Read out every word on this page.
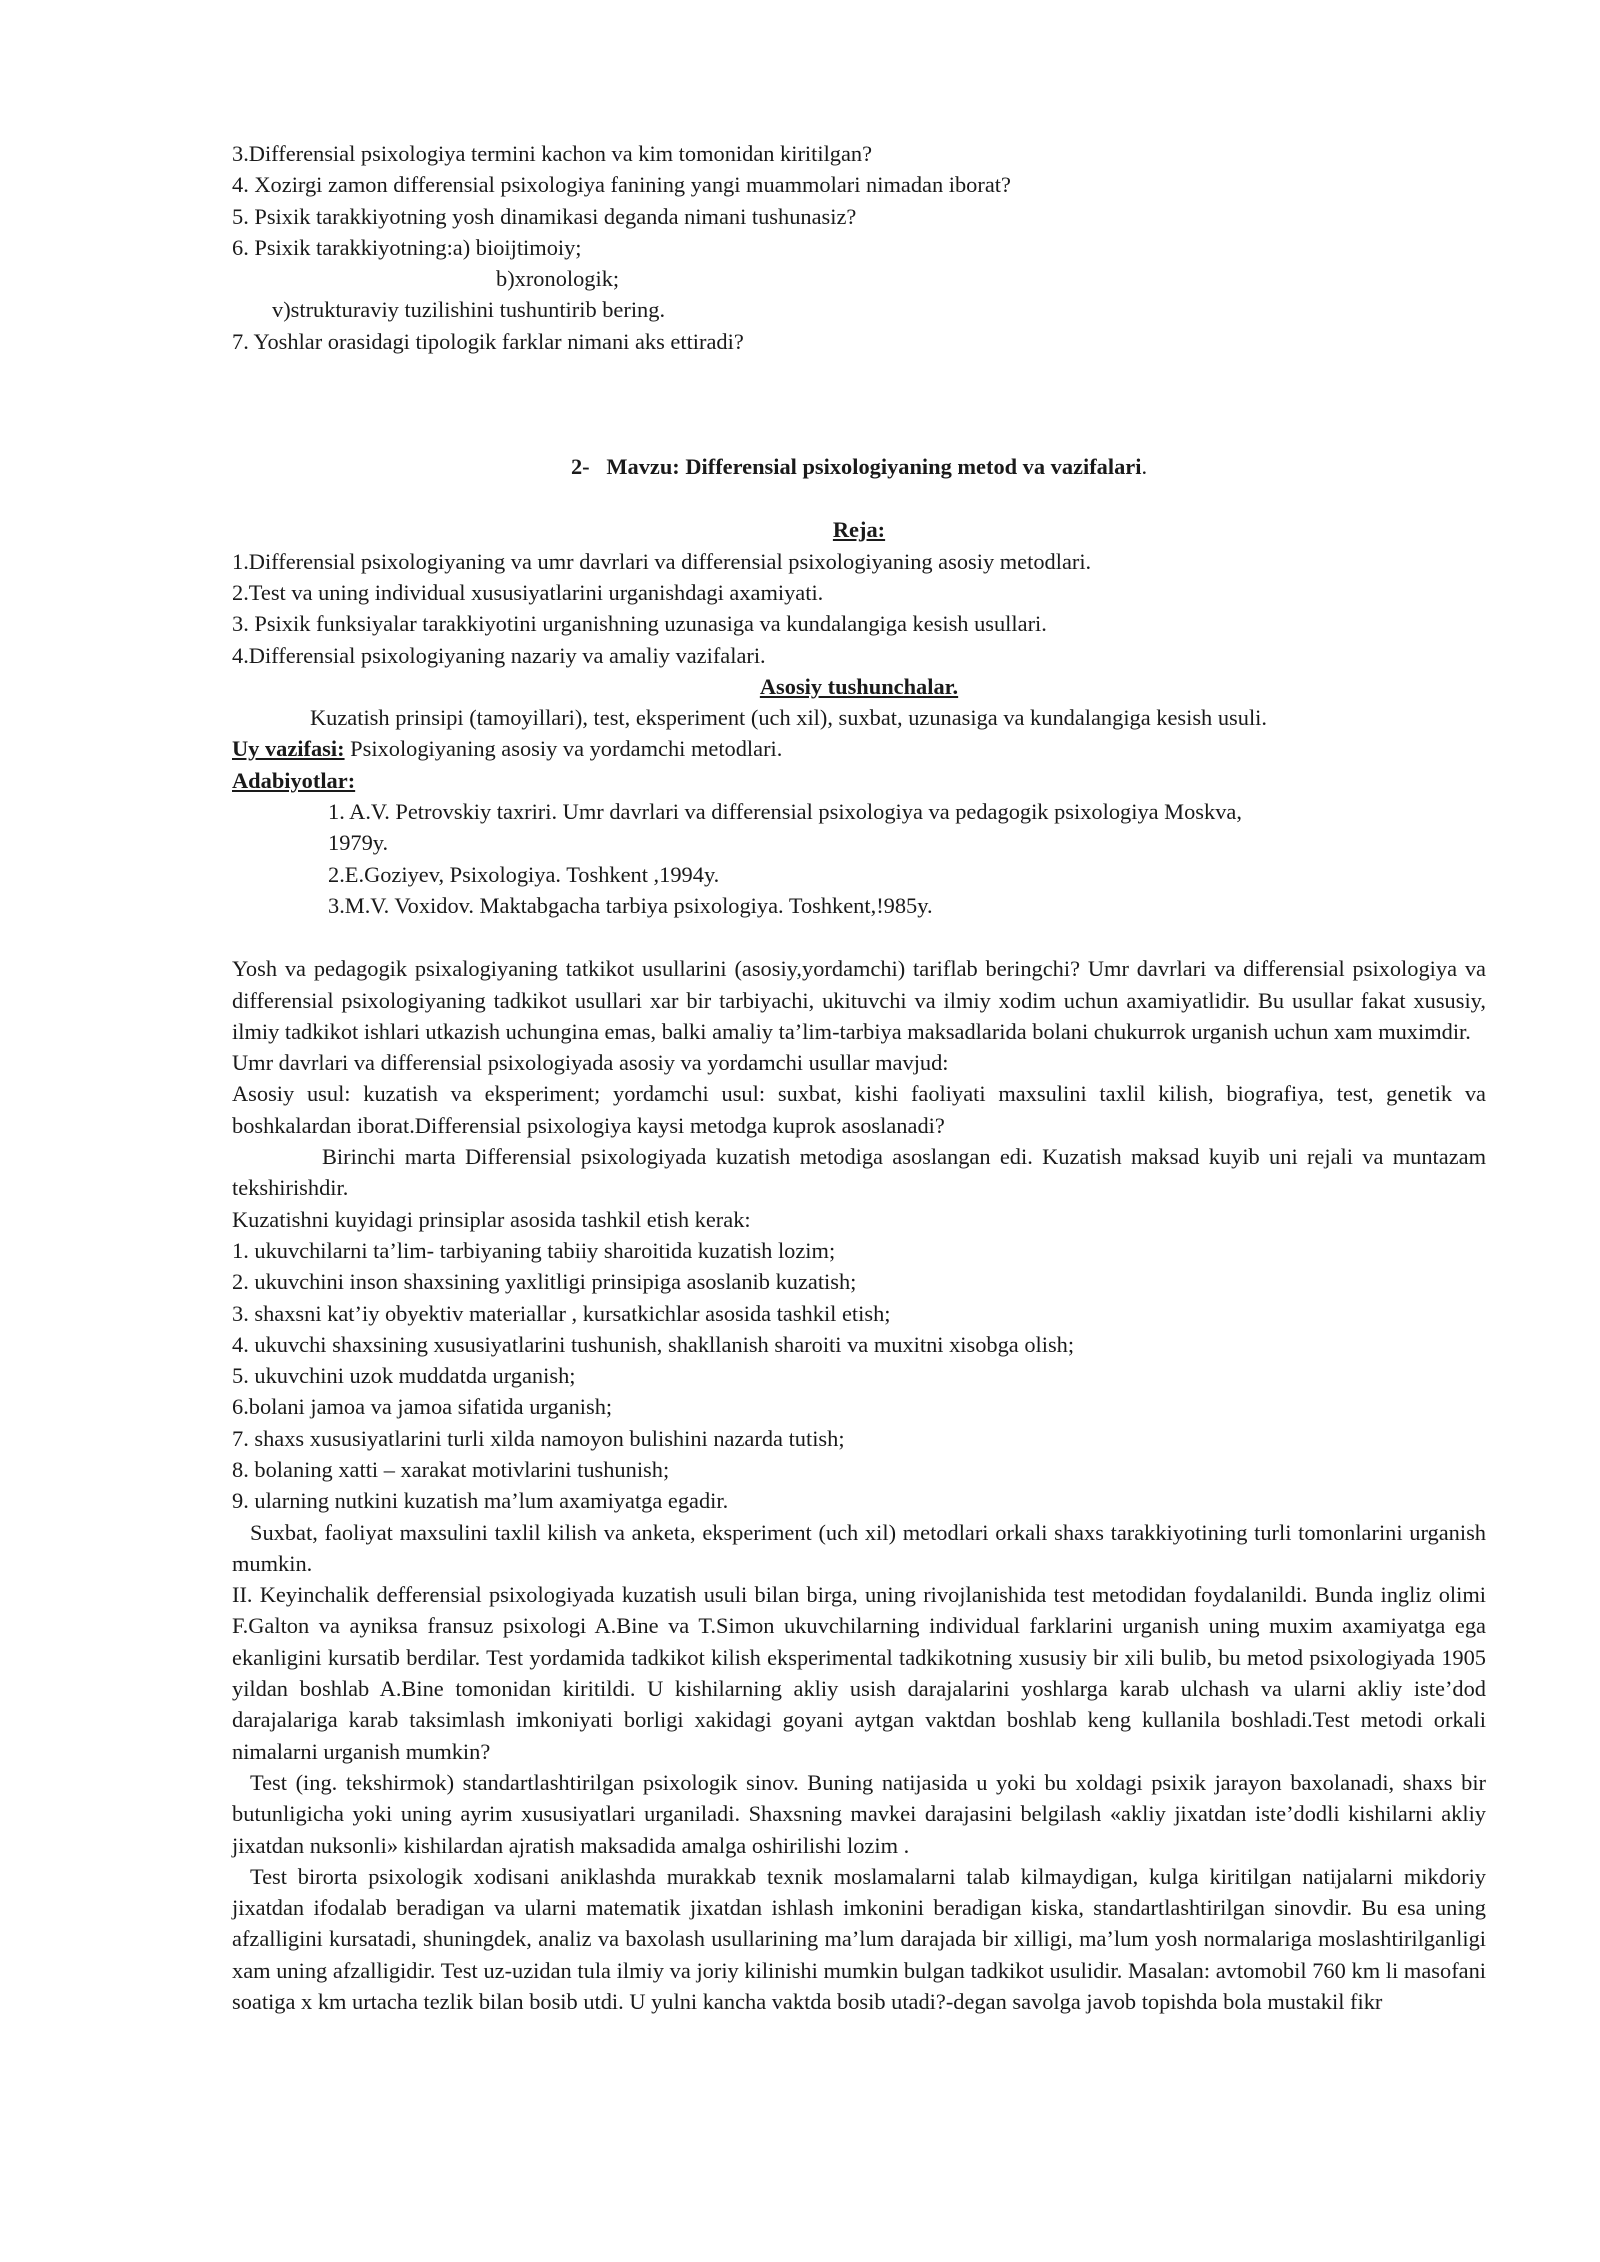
3.Differensial psixologiya termini kachon va kim tomonidan kiritilgan?
4. Xozirgi zamon differensial psixologiya fanining yangi muammolari nimadan iborat?
5. Psixik tarakkiyotning yosh dinamikasi deganda nimani tushunasiz?
6. Psixik tarakkiyotning:a) bioijtimoiy;
b)xronologik;
v)strukturaviy tuzilishini tushuntirib bering.
7. Yoshlar orasidagi tipologik farklar nimani aks ettiradi?
2- Mavzu: Differensial psixologiyaning metod va vazifalari.
Reja:
1.Differensial psixologiyaning va umr davrlari va differensial psixologiyaning asosiy metodlari.
2.Test va uning individual xususiyatlarini urganishdagi axamiyati.
3. Psixik funksiyalar tarakkiyotini urganishning uzunasiga va kundalangiga kesish usullari.
4.Differensial psixologiyaning nazariy va amaliy vazifalari.
Asosiy tushunchalar.
Kuzatish prinsipi (tamoyillari), test, eksperiment (uch xil), suxbat, uzunasiga va kundalangiga kesish usuli.
Uy vazifasi: Psixologiyaning asosiy va yordamchi metodlari.
Adabiyotlar:
1. A.V. Petrovskiy taxriri. Umr davrlari va differensial psixologiya va pedagogik psixologiya Moskva,
1979y.
2.E.Goziyev, Psixologiya. Toshkent ,1994y.
3.M.V. Voxidov. Maktabgacha tarbiya psixologiya. Toshkent,!985y.
Yosh va pedagogik psixalogiyaning tatkikot usullarini (asosiy,yordamchi) tariflab beringchi? Umr davrlari va differensial psixologiya va differensial psixologiyaning tadkikot usullari xar bir tarbiyachi, ukituvchi va ilmiy xodim uchun axamiyatlidir. Bu usullar fakat xususiy, ilmiy tadkikot ishlari utkazish uchungina emas, balki amaliy ta’lim-tarbiya maksadlarida bolani chukurrok urganish uchun xam muximdir.
Umr davrlari va differensial psixologiyada asosiy va yordamchi usullar mavjud:
Asosiy usul: kuzatish va eksperiment; yordamchi usul: suxbat, kishi faoliyati maxsulini taxlil kilish, biografiya, test, genetik va boshkalardan iborat.Differensial psixologiya kaysi metodga kuprok asoslanadi?
Birinchi marta Differensial psixologiyada kuzatish metodiga asoslangan edi. Kuzatish maksad kuyib uni rejali va muntazam tekshirishdir.
Kuzatishni kuyidagi prinsiplar asosida tashkil etish kerak:
1. ukuvchilarni ta’lim- tarbiyaning tabiiy sharoitida kuzatish lozim;
2. ukuvchini inson shaxsining yaxlitligi prinsipiga asoslanib kuzatish;
3. shaxsni kat’iy obyektiv materiallar , kursatkichlar asosida tashkil etish;
4. ukuvchi shaxsining xususiyatlarini tushunish, shakllanish sharoiti va muxitni xisobga olish;
5. ukuvchini uzok muddatda urganish;
6.bolani jamoa va jamoa sifatida urganish;
7. shaxs xususiyatlarini turli xilda namoyon bulishini nazarda tutish;
8. bolaning xatti – xarakat motivlarini tushunish;
9. ularning nutkini kuzatish ma’lum axamiyatga egadir.
Suxbat, faoliyat maxsulini taxlil kilish va anketa, eksperiment (uch xil) metodlari orkali shaxs tarakkiyotining turli tomonlarini urganish mumkin.
II. Keyinchalik defferensial psixologiyada kuzatish usuli bilan birga, uning rivojlanishida test metodidan foydalanildi. Bunda ingliz olimi F.Galton va ayniksa fransuz psixologi A.Bine va T.Simon ukuvchilarning individual farklarini urganish uning muxim axamiyatga ega ekanligini kursatib berdilar. Test yordamida tadkikot kilish eksperimental tadkikotning xususiy bir xili bulib, bu metod psixologiyada 1905 yildan boshlab A.Bine tomonidan kiritildi. U kishilarning akliy usish darajalarini yoshlarga karab ulchash va ularni akliy iste’dod darajalariga karab taksimlash imkoniyati borligi xakidagi goyani aytgan vaktdan boshlab keng kullanila boshladi.Test metodi orkali nimalarni urganish mumkin?
Test (ing. tekshirmok) standartlashtirilgan psixologik sinov. Buning natijasida u yoki bu xoldagi psixik jarayon baxolanadi, shaxs bir butunligicha yoki uning ayrim xususiyatlari urganiladi. Shaxsning mavkei darajasini belgilash «akliy jixatdan iste’dodli kishilarni akliy jixatdan nuksonli» kishilardan ajratish maksadida amalga oshirilishi lozim .
Test birorta psixologik xodisani aniklashda murakkab texnik moslamalarni talab kilmaydigan, kulga kiritilgan natijalarni mikdoriy jixatdan ifodalab beradigan va ularni matematik jixatdan ishlash imkonini beradigan kiska, standartlashtirilgan sinovdir. Bu esa uning afzalligini kursatadi, shuningdek, analiz va baxolash usullarining ma’lum darajada bir xilligi, ma’lum yosh normalariga moslashtirilganligi xam uning afzalligidir. Test uz-uzidan tula ilmiy va joriy kilinishi mumkin bulgan tadkikot usulidir. Masalan: avtomobil 760 km li masofani soatiga x km urtacha tezlik bilan bosib utdi. U yulni kancha vaktda bosib utadi?-degan savolga javob topishda bola mustakil fikr
